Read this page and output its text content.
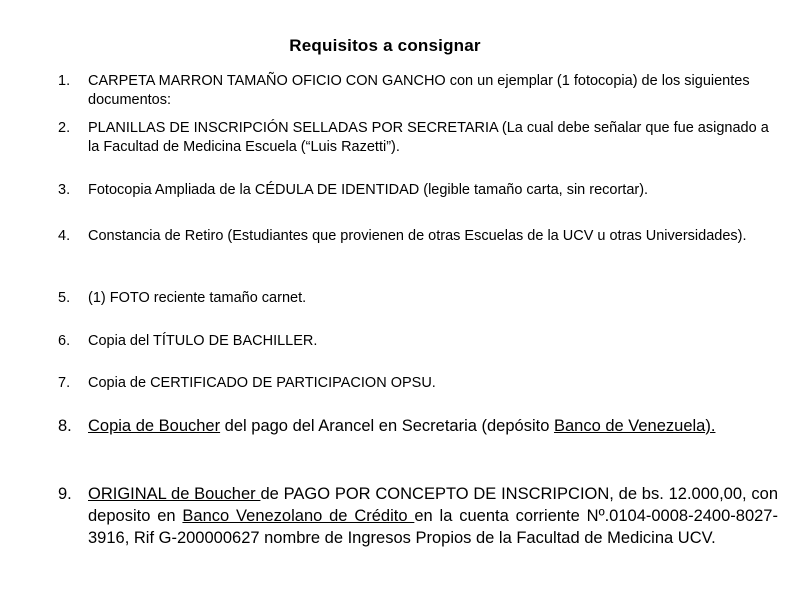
Requisitos a consignar
1.	CARPETA MARRON TAMAÑO OFICIO CON GANCHO con un ejemplar (1 fotocopia) de los siguientes documentos:
2.	PLANILLAS DE INSCRIPCIÓN SELLADAS POR SECRETARIA (La cual debe señalar que fue asignado a la Facultad de Medicina Escuela (“Luis Razetti”).
3.	Fotocopia Ampliada de la CÉDULA DE IDENTIDAD (legible tamaño carta, sin recortar).
4.	Constancia de Retiro (Estudiantes que provienen de otras Escuelas de la UCV u otras Universidades).
5.	(1) FOTO reciente tamaño carnet.
6.	Copia del TÍTULO DE BACHILLER.
7.	Copia de CERTIFICADO DE PARTICIPACION OPSU.
8. Copia de Boucher del pago del Arancel en Secretaria (depósito Banco de Venezuela).
9. ORIGINAL de Boucher de PAGO POR CONCEPTO DE INSCRIPCION, de bs. 12.000,00, con deposito en Banco Venezolano de Crédito en la cuenta corriente Nº.0104-0008-2400-8027-3916, Rif G-200000627 nombre de Ingresos Propios de la Facultad de Medicina UCV.
